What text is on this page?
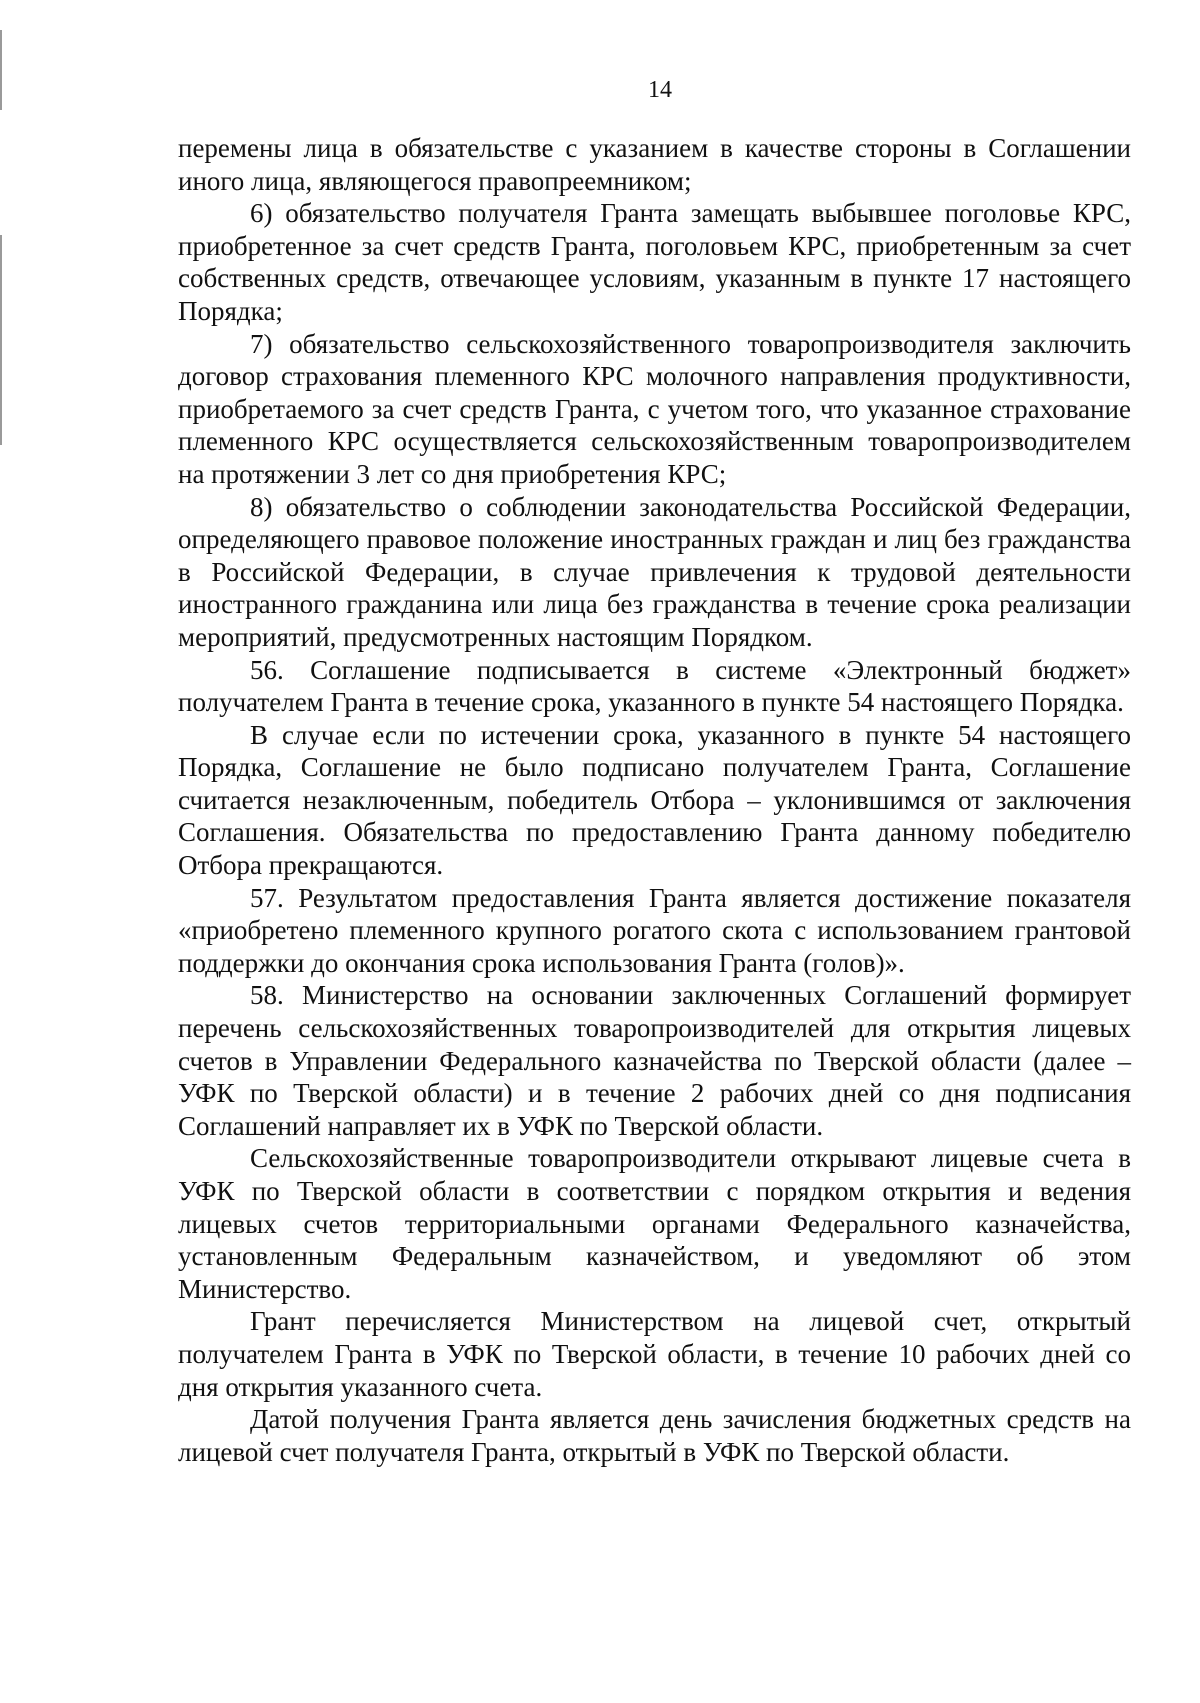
14

перемены лица в обязательстве с указанием в качестве стороны в Соглашении иного лица, являющегося правопреемником;

6) обязательство получателя Гранта замещать выбывшее поголовье КРС, приобретенное за счет средств Гранта, поголовьем КРС, приобретенным за счет собственных средств, отвечающее условиям, указанным в пункте 17 настоящего Порядка;

7) обязательство сельскохозяйственного товаропроизводителя заключить договор страхования племенного КРС молочного направления продуктивности, приобретаемого за счет средств Гранта, с учетом того, что указанное страхование племенного КРС осуществляется сельскохозяйственным товаропроизводителем на протяжении 3 лет со дня приобретения КРС;

8) обязательство о соблюдении законодательства Российской Федерации, определяющего правовое положение иностранных граждан и лиц без гражданства в Российской Федерации, в случае привлечения к трудовой деятельности иностранного гражданина или лица без гражданства в течение срока реализации мероприятий, предусмотренных настоящим Порядком.

56. Соглашение подписывается в системе «Электронный бюджет» получателем Гранта в течение срока, указанного в пункте 54 настоящего Порядка.

В случае если по истечении срока, указанного в пункте 54 настоящего Порядка, Соглашение не было подписано получателем Гранта, Соглашение считается незаключенным, победитель Отбора – уклонившимся от заключения Соглашения. Обязательства по предоставлению Гранта данному победителю Отбора прекращаются.

57. Результатом предоставления Гранта является достижение показателя «приобретено племенного крупного рогатого скота с использованием грантовой поддержки до окончания срока использования Гранта (голов)».

58. Министерство на основании заключенных Соглашений формирует перечень сельскохозяйственных товаропроизводителей для открытия лицевых счетов в Управлении Федерального казначейства по Тверской области (далее – УФК по Тверской области) и в течение 2 рабочих дней со дня подписания Соглашений направляет их в УФК по Тверской области.

Сельскохозяйственные товаропроизводители открывают лицевые счета в УФК по Тверской области в соответствии с порядком открытия и ведения лицевых счетов территориальными органами Федерального казначейства, установленным Федеральным казначейством, и уведомляют об этом Министерство.

Грант перечисляется Министерством на лицевой счет, открытый получателем Гранта в УФК по Тверской области, в течение 10 рабочих дней со дня открытия указанного счета.

Датой получения Гранта является день зачисления бюджетных средств на лицевой счет получателя Гранта, открытый в УФК по Тверской области.
